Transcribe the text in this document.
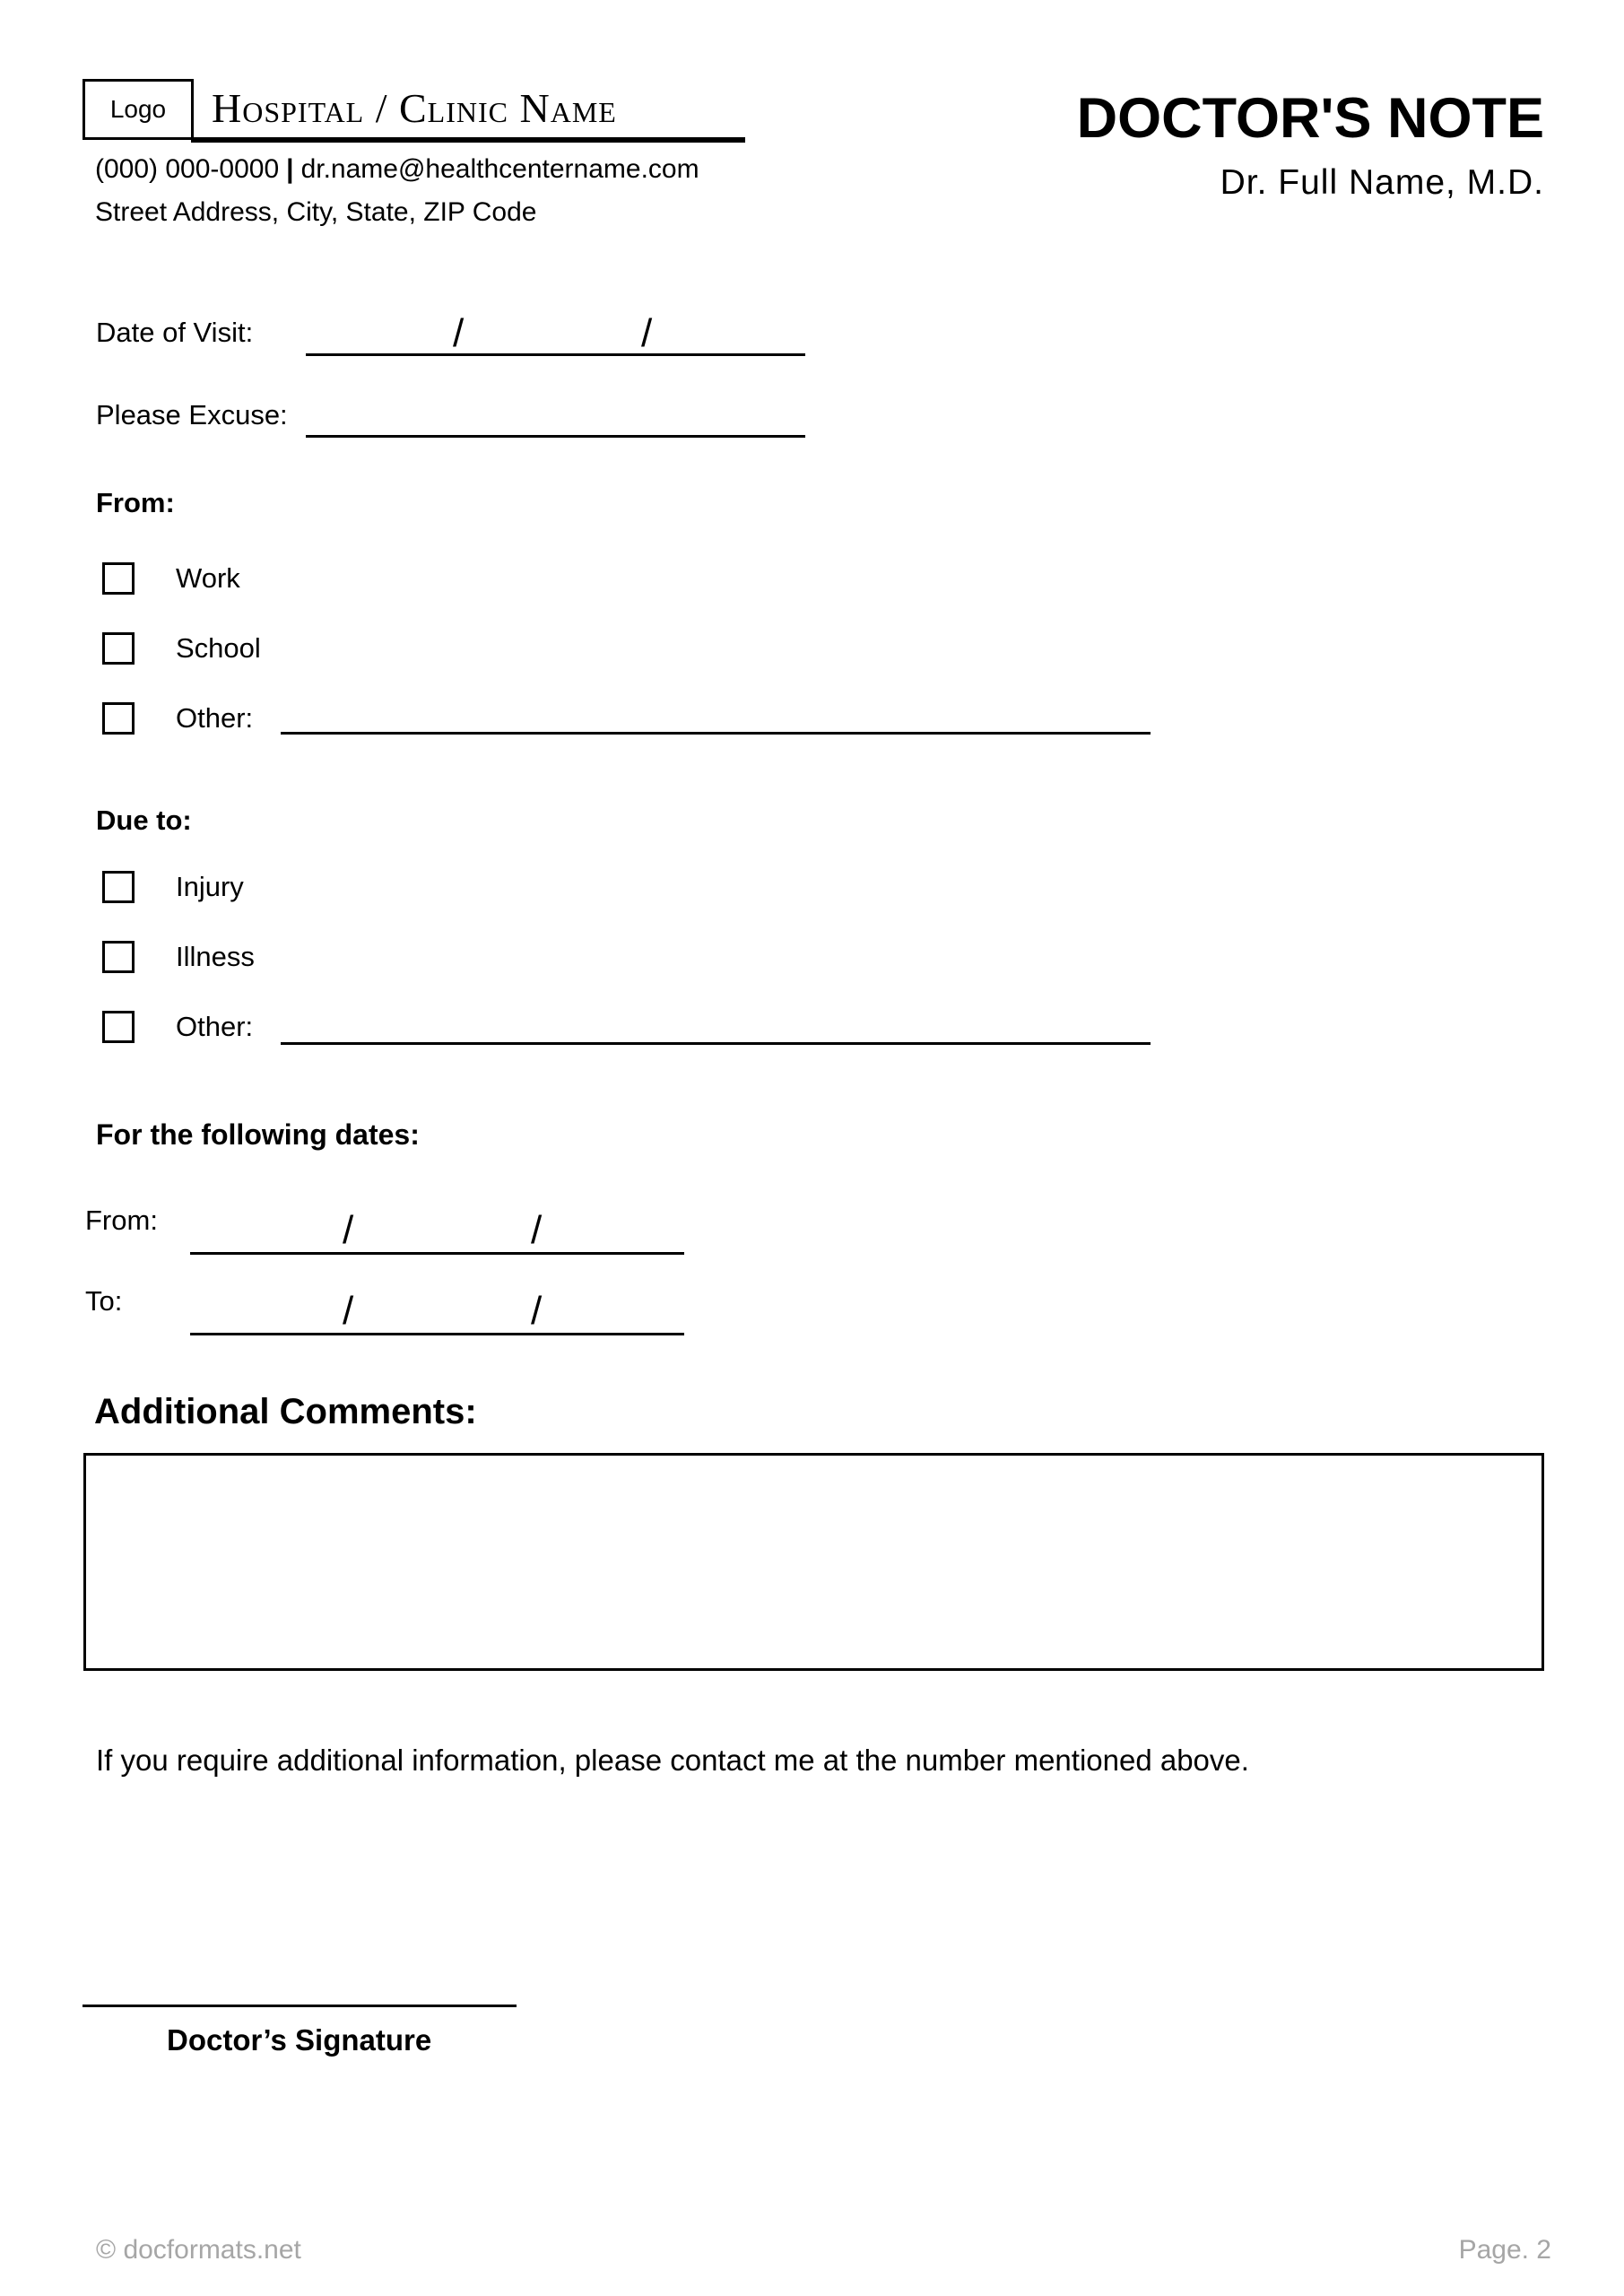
Logo Hospital / Clinic Name
(000) 000-0000 | dr.name@healthcentername.com
Street Address, City, State, ZIP Code
DOCTOR'S NOTE
Dr. Full Name, M.D.
Date of Visit:	/	/
Please Excuse:
From:
Work
School
Other:
Due to:
Injury
Illness
Other:
For the following dates:
From:	/	/
To:	/	/
Additional Comments:
If you require additional information, please contact me at the number mentioned above.
Doctor’s Signature
© docformats.net	Page. 2
